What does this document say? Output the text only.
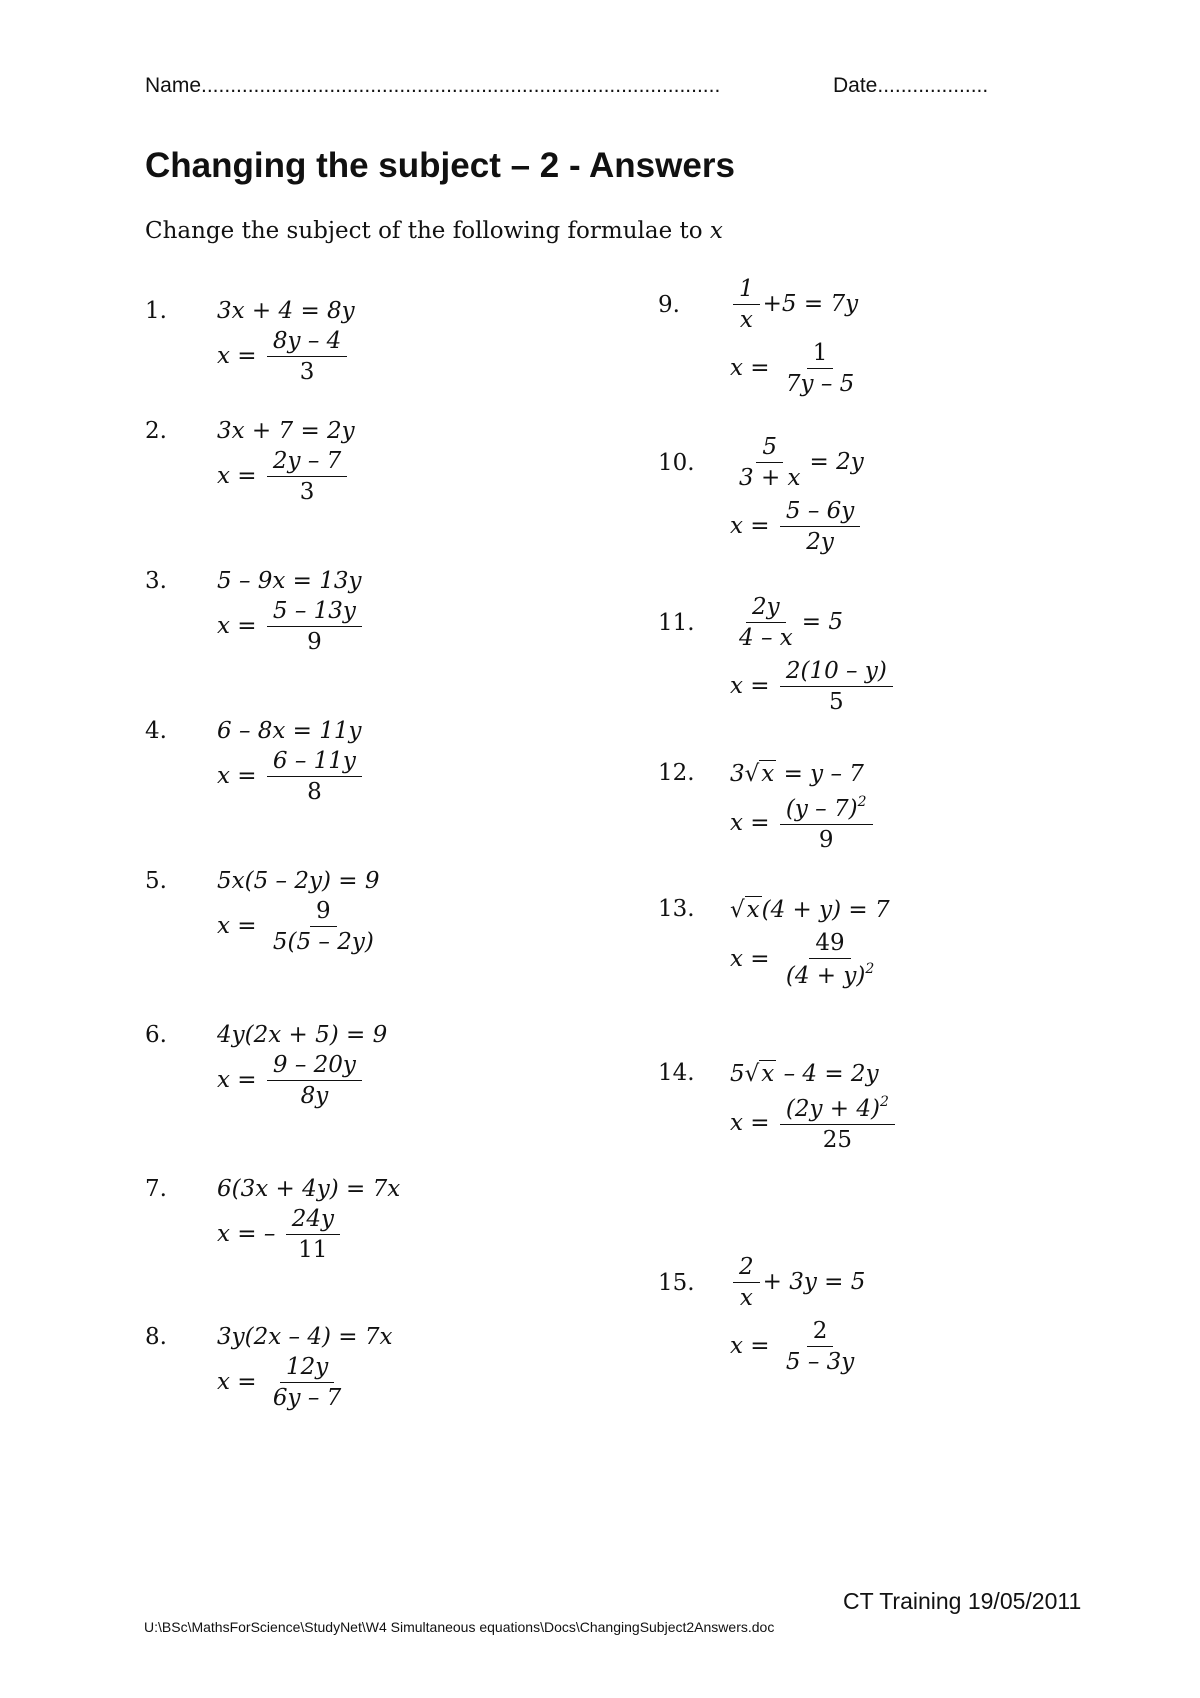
Name.........................................................................................	Date...................
Changing the subject – 2 - Answers
Change the subject of the following formulae to x
1. 3x + 4 = 8y
$x = \frac{8y - 4}{3}$
2. 3x + 7 = 2y
$x = \frac{2y - 7}{3}$
3. 5 – 9x = 13y
$x = \frac{5 - 13y}{9}$
4. 6 – 8x = 11y
$x = \frac{6 - 11y}{8}$
5. 5x(5 – 2y) = 9
$x = \frac{9}{5(5 - 2y)}$
6. 4y(2x + 5) = 9
$x = \frac{9 - 20y}{8y}$
7. 6(3x + 4y) = 7x
x = – $\frac{24y}{11}$
8. 3y(2x – 4) = 7x
$x = \frac{12y}{6y - 7}$
9. $\frac{1}{x} +5 = 7y$
$x = \frac{1}{7y - 5}$
10. $\frac{5}{3 + x} = 2y$
$x = \frac{5 - 6y}{2y}$
11. $\frac{2y}{4 - x} = 5$
$x = \frac{2(10 - y)}{5}$
12. 3√x = y – 7
$x = \frac{(y - 7)^2}{9}$
13. √x(4 + y) = 7
$x = \frac{49}{(4 + y)^2}$
14. 5√x – 4 = 2y
$x = \frac{(2y + 4)^2}{25}$
15. $\frac{2}{x} + 3y = 5$
$x = \frac{2}{5 - 3y}$
CT Training 19/05/2011
U:\BSc\MathsForScience\StudyNet\W4 Simultaneous equations\Docs\ChangingSubject2Answers.doc
